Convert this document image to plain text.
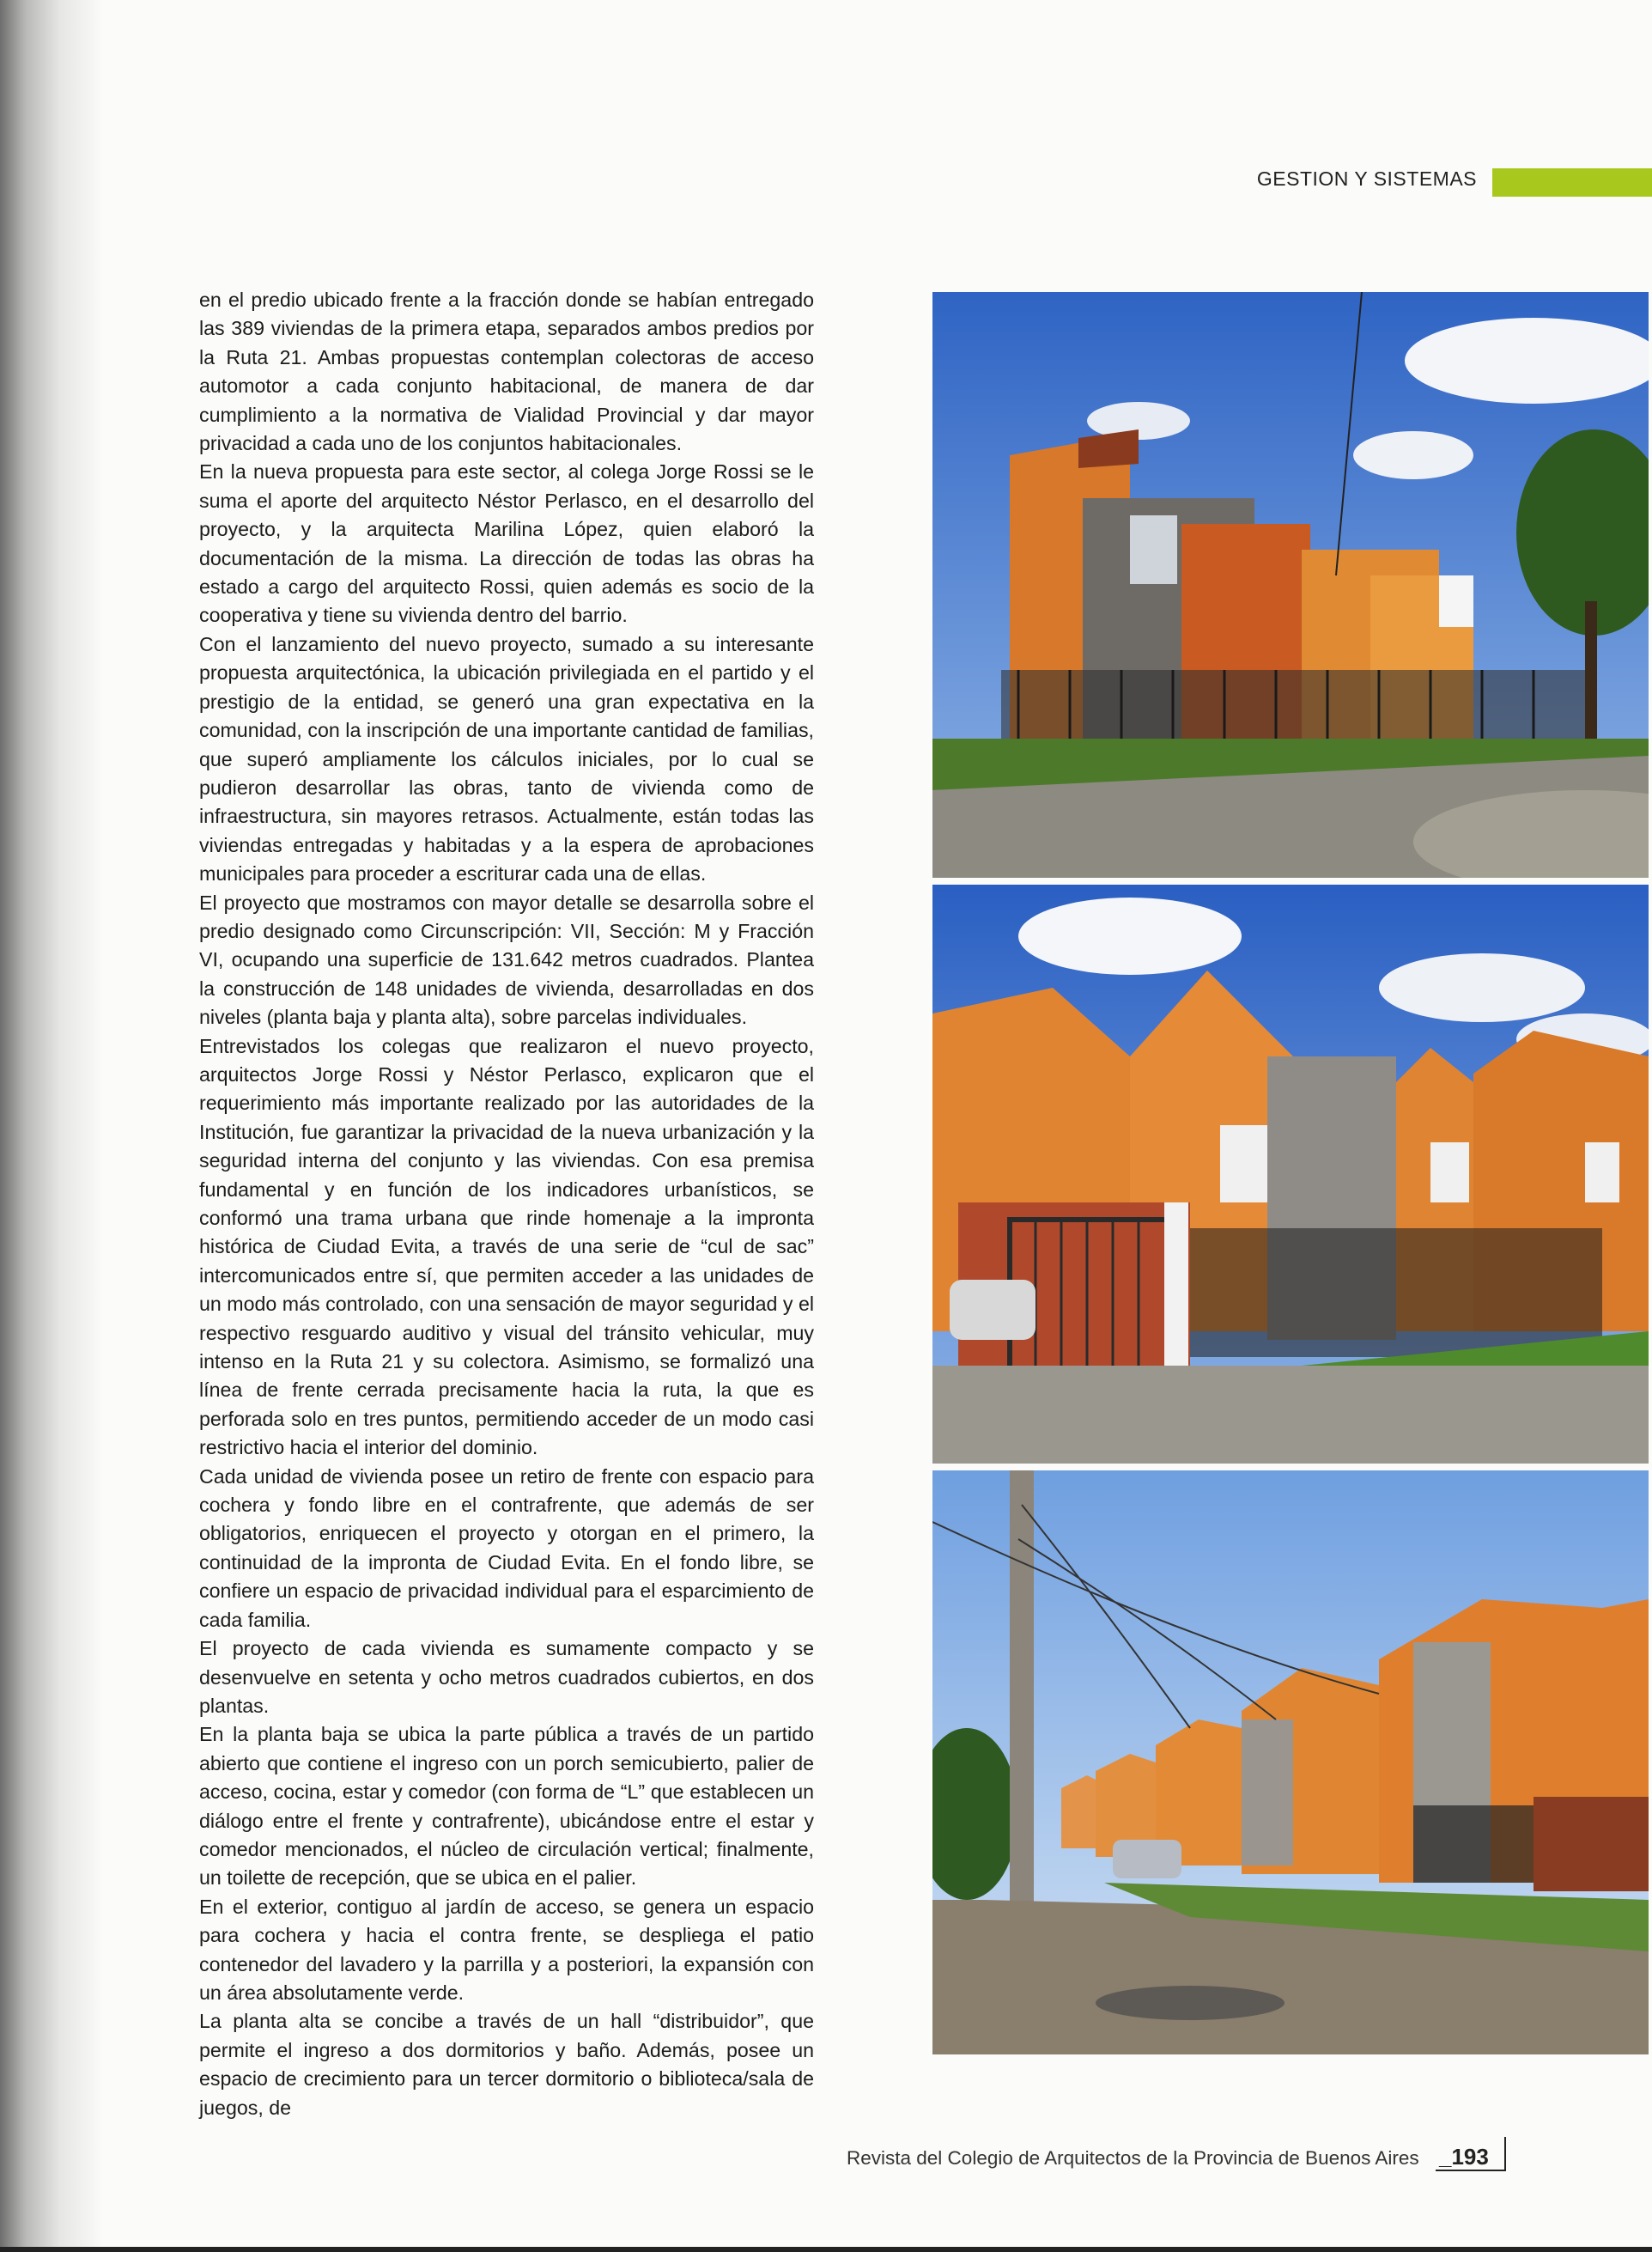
GESTION Y SISTEMAS

en el predio ubicado frente a la fracción donde se habían entregado las 389 viviendas de la primera etapa, separados ambos predios por la Ruta 21. Ambas propuestas contemplan colectoras de acceso automotor a cada conjunto habitacional, de manera de dar cumplimiento a la normativa de Vialidad Provincial y dar mayor privacidad a cada uno de los conjuntos habitacionales.

En la nueva propuesta para este sector, al colega Jorge Rossi se le suma el aporte del arquitecto Néstor Perlasco, en el desarrollo del proyecto, y la arquitecta Marilina López, quien elaboró la documentación de la misma. La dirección de todas las obras ha estado a cargo del arquitecto Rossi, quien además es socio de la cooperativa y tiene su vivienda dentro del barrio.

Con el lanzamiento del nuevo proyecto, sumado a su interesante propuesta arquitectónica, la ubicación privilegiada en el partido y el prestigio de la entidad, se generó una gran expectativa en la comunidad, con la inscripción de una importante cantidad de familias, que superó ampliamente los cálculos iniciales, por lo cual se pudieron desarrollar las obras, tanto de vivienda como de infraestructura, sin mayores retrasos. Actualmente, están todas las viviendas entregadas y habitadas y a la espera de aprobaciones municipales para proceder a escriturar cada una de ellas.

El proyecto que mostramos con mayor detalle se desarrolla sobre el predio designado como Circunscripción: VII, Sección: M y Fracción VI, ocupando una superficie de 131.642 metros cuadrados. Plantea la construcción de 148 unidades de vivienda, desarrolladas en dos niveles (planta baja y planta alta), sobre parcelas individuales.

Entrevistados los colegas que realizaron el nuevo proyecto, arquitectos Jorge Rossi y Néstor Perlasco, explicaron que el requerimiento más importante realizado por las autoridades de la Institución, fue garantizar la privacidad de la nueva urbanización y la seguridad interna del conjunto y las viviendas. Con esa premisa fundamental y en función de los indicadores urbanísticos, se conformó una trama urbana que rinde homenaje a la impronta histórica de Ciudad Evita, a través de una serie de “cul de sac” intercomunicados entre sí, que permiten acceder a las unidades de un modo más controlado, con una sensación de mayor seguridad y el respectivo resguardo auditivo y visual del tránsito vehicular, muy intenso en la Ruta 21 y su colectora. Asimismo, se formalizó una línea de frente cerrada precisamente hacia la ruta, la que es perforada solo en tres puntos, permitiendo acceder de un modo casi restrictivo hacia el interior del dominio.

Cada unidad de vivienda posee un retiro de frente con espacio para cochera y fondo libre en el contrafrente, que además de ser obligatorios, enriquecen el proyecto y otorgan en el primero, la continuidad de la impronta de Ciudad Evita. En el fondo libre, se confiere un espacio de privacidad individual para el esparcimiento de cada familia.

El proyecto de cada vivienda es sumamente compacto y se desenvuelve en setenta y ocho metros cuadrados cubiertos, en dos plantas.

En la planta baja se ubica la parte pública a través de un partido abierto que contiene el ingreso con un porch semicubierto, palier de acceso, cocina, estar y comedor (con forma de “L” que establecen un diálogo entre el frente y contrafrente), ubicándose entre el estar y comedor mencionados, el núcleo de circulación vertical; finalmente, un toilette de recepción, que se ubica en el palier.

En el exterior, contiguo al jardín de acceso, se genera un espacio para cochera y hacia el contra frente, se despliega el patio contenedor del lavadero y la parrilla y a posteriori, la expansión con un área absolutamente verde.

La planta alta se concibe a través de un hall “distribuidor”, que permite el ingreso a dos dormitorios y baño. Además, posee un espacio de crecimiento para un tercer dormitorio o biblioteca/sala de juegos, de

Revista del Colegio de Arquitectos de la Provincia de Buenos Aires _193
